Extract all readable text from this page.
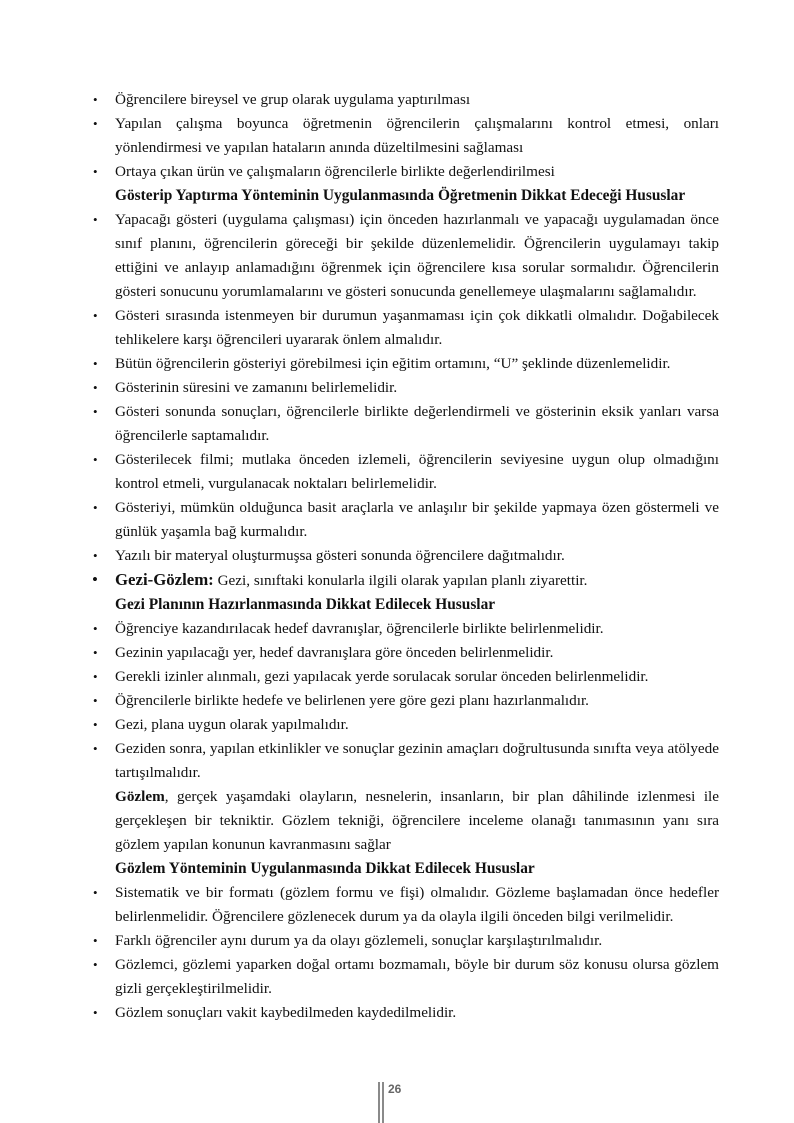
•	Öğrencilere bireysel ve grup olarak uygulama yaptırılması
•	Yapılan çalışma boyunca öğretmenin öğrencilerin çalışmalarını kontrol etmesi, onları yönlendirmesi ve yapılan hataların anında düzeltilmesini sağlaması
•	Ortaya çıkan ürün ve çalışmaların öğrencilerle birlikte değerlendirilmesi
Gösterip Yaptırma Yönteminin Uygulanmasında Öğretmenin Dikkat Edeceği Hususlar
•	Yapacağı gösteri (uygulama çalışması) için önceden hazırlanmalı ve yapacağı uygulamadan önce sınıf planını, öğrencilerin göreceği bir şekilde düzenlemelidir. Öğrencilerin uygulamayı takip ettiğini ve anlayıp anlamadığını öğrenmek için öğrencilere kısa sorular sormalıdır. Öğrencilerin gösteri sonucunu yorumlamalarını ve gösteri sonucunda genellemeye ulaşmalarını sağlamalıdır.
•	Gösteri sırasında istenmeyen bir durumun yaşanmaması için çok dikkatli olmalıdır. Doğabilecek tehlikelere karşı öğrencileri uyararak önlem almalıdır.
•	Bütün öğrencilerin gösteriyi görebilmesi için eğitim ortamını, “U” şeklinde düzenlemelidir.
•	Gösterinin süresini ve zamanını belirlemelidir.
•	Gösteri sonunda sonuçları, öğrencilerle birlikte değerlendirmeli ve gösterinin eksik yanları varsa öğrencilerle saptamalıdır.
•	Gösterilecek filmi; mutlaka önceden izlemeli, öğrencilerin seviyesine uygun olup olmadığını kontrol etmeli, vurgulanacak noktaları belirlemelidir.
•	Gösteriyi, mümkün olduğunca basit araçlarla ve anlaşılır bir şekilde yapmaya özen göstermeli ve günlük yaşamla bağ kurmalıdır.
•	Yazılı bir materyal oluşturmuşsa gösteri sonunda öğrencilere dağıtmalıdır.
• Gezi-Gözlem: Gezi, sınıftaki konularla ilgili olarak yapılan planlı ziyarettir.
Gezi Planının Hazırlanmasında Dikkat Edilecek Hususlar
•	Öğrenciye kazandırılacak hedef davranışlar, öğrencilerle birlikte belirlenmelidir.
•	Gezinin yapılacağı yer, hedef davranışlara göre önceden belirlenmelidir.
•	Gerekli izinler alınmalı, gezi yapılacak yerde sorulacak sorular önceden belirlenmelidir.
•	Öğrencilerle birlikte hedefe ve belirlenen yere göre gezi planı hazırlanmalıdır.
•	Gezi, plana uygun olarak yapılmalıdır.
•	Geziden sonra, yapılan etkinlikler ve sonuçlar gezinin amaçları doğrultusunda sınıfta veya atölyede tartışılmalıdır.
Gözlem, gerçek yaşamdaki olayların, nesnelerin, insanların, bir plan dâhilinde izlenmesi ile gerçekleşen bir tekniktir. Gözlem tekniği, öğrencilere inceleme olanağı tanımasının yanı sıra gözlem yapılan konunun kavranmasını sağlar
Gözlem Yönteminin Uygulanmasında Dikkat Edilecek Hususlar
•	Sistematik ve bir formatı (gözlem formu ve fişi) olmalıdır. Gözleme başlamadan önce hedefler belirlenmelidir. Öğrencilere gözlenecek durum ya da olayla ilgili önceden bilgi verilmelidir.
•	Farklı öğrenciler aynı durum ya da olayı gözlemeli, sonuçlar karşılaştırılmalıdır.
•	Gözlemci, gözlemi yaparken doğal ortamı bozmamalı, böyle bir durum söz konusu olursa gözlem gizli gerçekleştirilmelidir.
•	Gözlem sonuçları vakit kaybedilmeden kaydedilmelidir.
26
